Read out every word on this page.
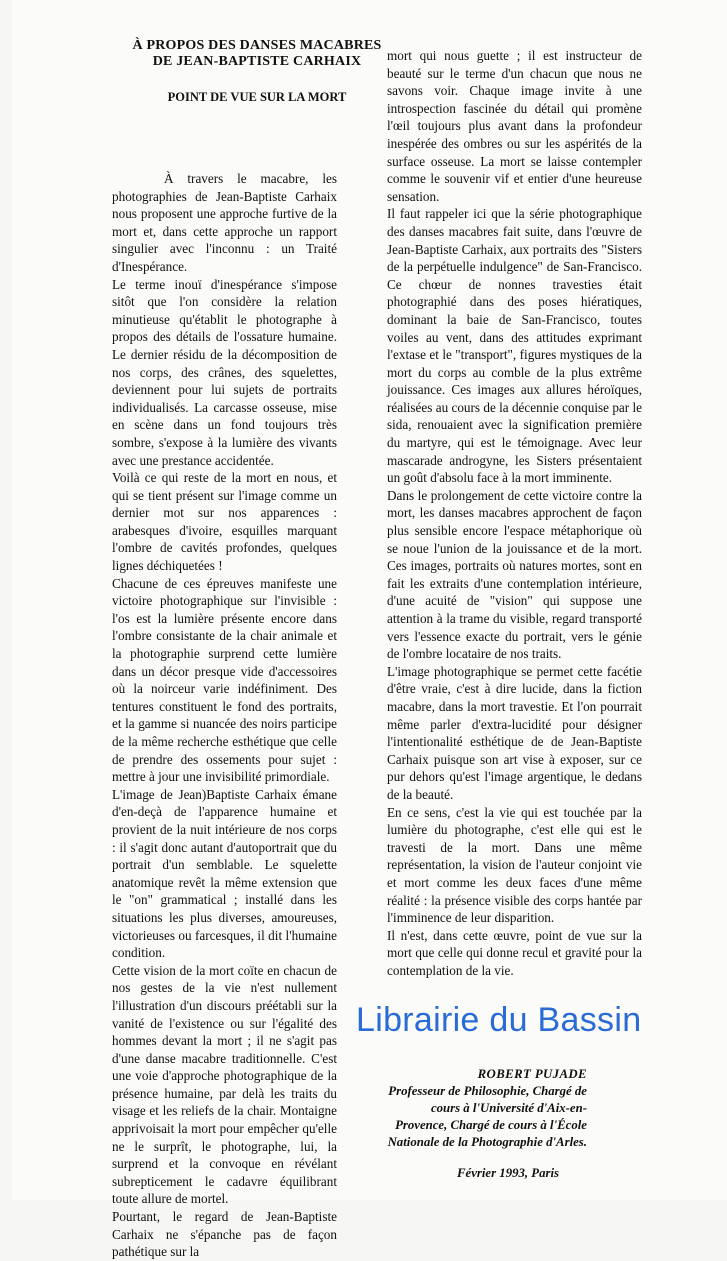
À PROPOS DES DANSES MACABRES
DE JEAN-BAPTISTE CARHAIX
POINT DE VUE SUR LA MORT

À travers le macabre, les photographies de Jean-Baptiste Carhaix nous proposent une approche furtive de la mort et, dans cette approche un rapport singulier avec l'inconnu : un Traité d'Inespérance.

Le terme inouï d'inespérance s'impose sitôt que l'on considère la relation minutieuse qu'établit le photographe à propos des détails de l'ossature humaine. Le dernier résidu de la décomposition de nos corps, des crânes, des squelettes, deviennent pour lui sujets de portraits individualisés. La carcasse osseuse, mise en scène dans un fond toujours très sombre, s'expose à la lumière des vivants avec une prestance accidentée.

Voilà ce qui reste de la mort en nous, et qui se tient présent sur l'image comme un dernier mot sur nos apparences : arabesques d'ivoire, esquilles marquant l'ombre de cavités profondes, quelques lignes déchiquetées !

Chacune de ces épreuves manifeste une victoire photographique sur l'invisible : l'os est la lumière présente encore dans l'ombre consistante de la chair animale et la photographie surprend cette lumière dans un décor presque vide d'accessoires où la noirceur varie indéfiniment. Des tentures constituent le fond des portraits, et la gamme si nuancée des noirs participe de la même recherche esthétique que celle de prendre des ossements pour sujet : mettre à jour une invisibilité primordiale.

L'image de Jean)Baptiste Carhaix émane d'en-deçà de l'apparence humaine et provient de la nuit intérieure de nos corps : il s'agit donc autant d'autoportrait que du portrait d'un semblable. Le squelette anatomique revêt la même extension que le "on" grammatical ; installé dans les situations les plus diverses, amoureuses, victorieuses ou farcesques, il dit l'humaine condition.

Cette vision de la mort coïte en chacun de nos gestes de la vie n'est nullement l'illustration d'un discours préétabli sur la vanité de l'existence ou sur l'égalité des hommes devant la mort ; il ne s'agit pas d'une danse macabre traditionnelle. C'est une voie d'approche photographique de la présence humaine, par delà les traits du visage et les reliefs de la chair. Montaigne apprivoisait la mort pour empêcher qu'elle ne le surprît, le photographe, lui, la surprend et la convoque en révélant subrepticement le cadavre équilibrant toute allure de mortel.

Pourtant, le regard de Jean-Baptiste Carhaix ne s'épanche pas de façon pathétique sur la

mort qui nous guette ; il est instructeur de beauté sur le terme d'un chacun que nous ne savons voir. Chaque image invite à une introspection fascinée du détail qui promène l'œil toujours plus avant dans la profondeur inespérée des ombres ou sur les aspérités de la surface osseuse. La mort se laisse contempler comme le souvenir vif et entier d'une heureuse sensation.

Il faut rappeler ici que la série photographique des danses macabres fait suite, dans l'œuvre de Jean-Baptiste Carhaix, aux portraits des "Sisters de la perpétuelle indulgence" de San-Francisco. Ce chœur de nonnes travesties était photographié dans des poses hiératiques, dominant la baie de San-Francisco, toutes voiles au vent, dans des attitudes exprimant l'extase et le "transport", figures mystiques de la mort du corps au comble de la plus extrême jouissance. Ces images aux allures héroïques, réalisées au cours de la décennie conquise par le sida, renouaient avec la signification première du martyre, qui est le témoignage. Avec leur mascarade androgyne, les Sisters présentaient un goût d'absolu face à la mort imminente.

Dans le prolongement de cette victoire contre la mort, les danses macabres approchent de façon plus sensible encore l'espace métaphorique où se noue l'union de la jouissance et de la mort. Ces images, portraits où natures mortes, sont en fait les extraits d'une contemplation intérieure, d'une acuité de "vision" qui suppose une attention à la trame du visible, regard transporté vers l'essence exacte du portrait, vers le génie de l'ombre locataire de nos traits.

L'image photographique se permet cette facétie d'être vraie, c'est à dire lucide, dans la fiction macabre, dans la mort travestie. Et l'on pourrait même parler d'extra-lucidité pour désigner l'intentionalité esthétique de de Jean-Baptiste Carhaix puisque son art vise à exposer, sur ce pur dehors qu'est l'image argentique, le dedans de la beauté.

En ce sens, c'est la vie qui est touchée par la lumière du photographe, c'est elle qui est le travesti de la mort. Dans une même représentation, la vision de l'auteur conjoint vie et mort comme les deux faces d'une même réalité : la présence visible des corps hantée par l'imminence de leur disparition.

Il n'est, dans cette œuvre, point de vue sur la mort que celle qui donne recul et gravité pour la contemplation de la vie.

ROBERT PUJADE
Professeur de Philosophie, Chargé de
cours à l'Université d'Aix-en-
Provence, Chargé de cours à l'École
Nationale de la Photographie d'Arles.
Février 1993, Paris
Librairie du Bassin
